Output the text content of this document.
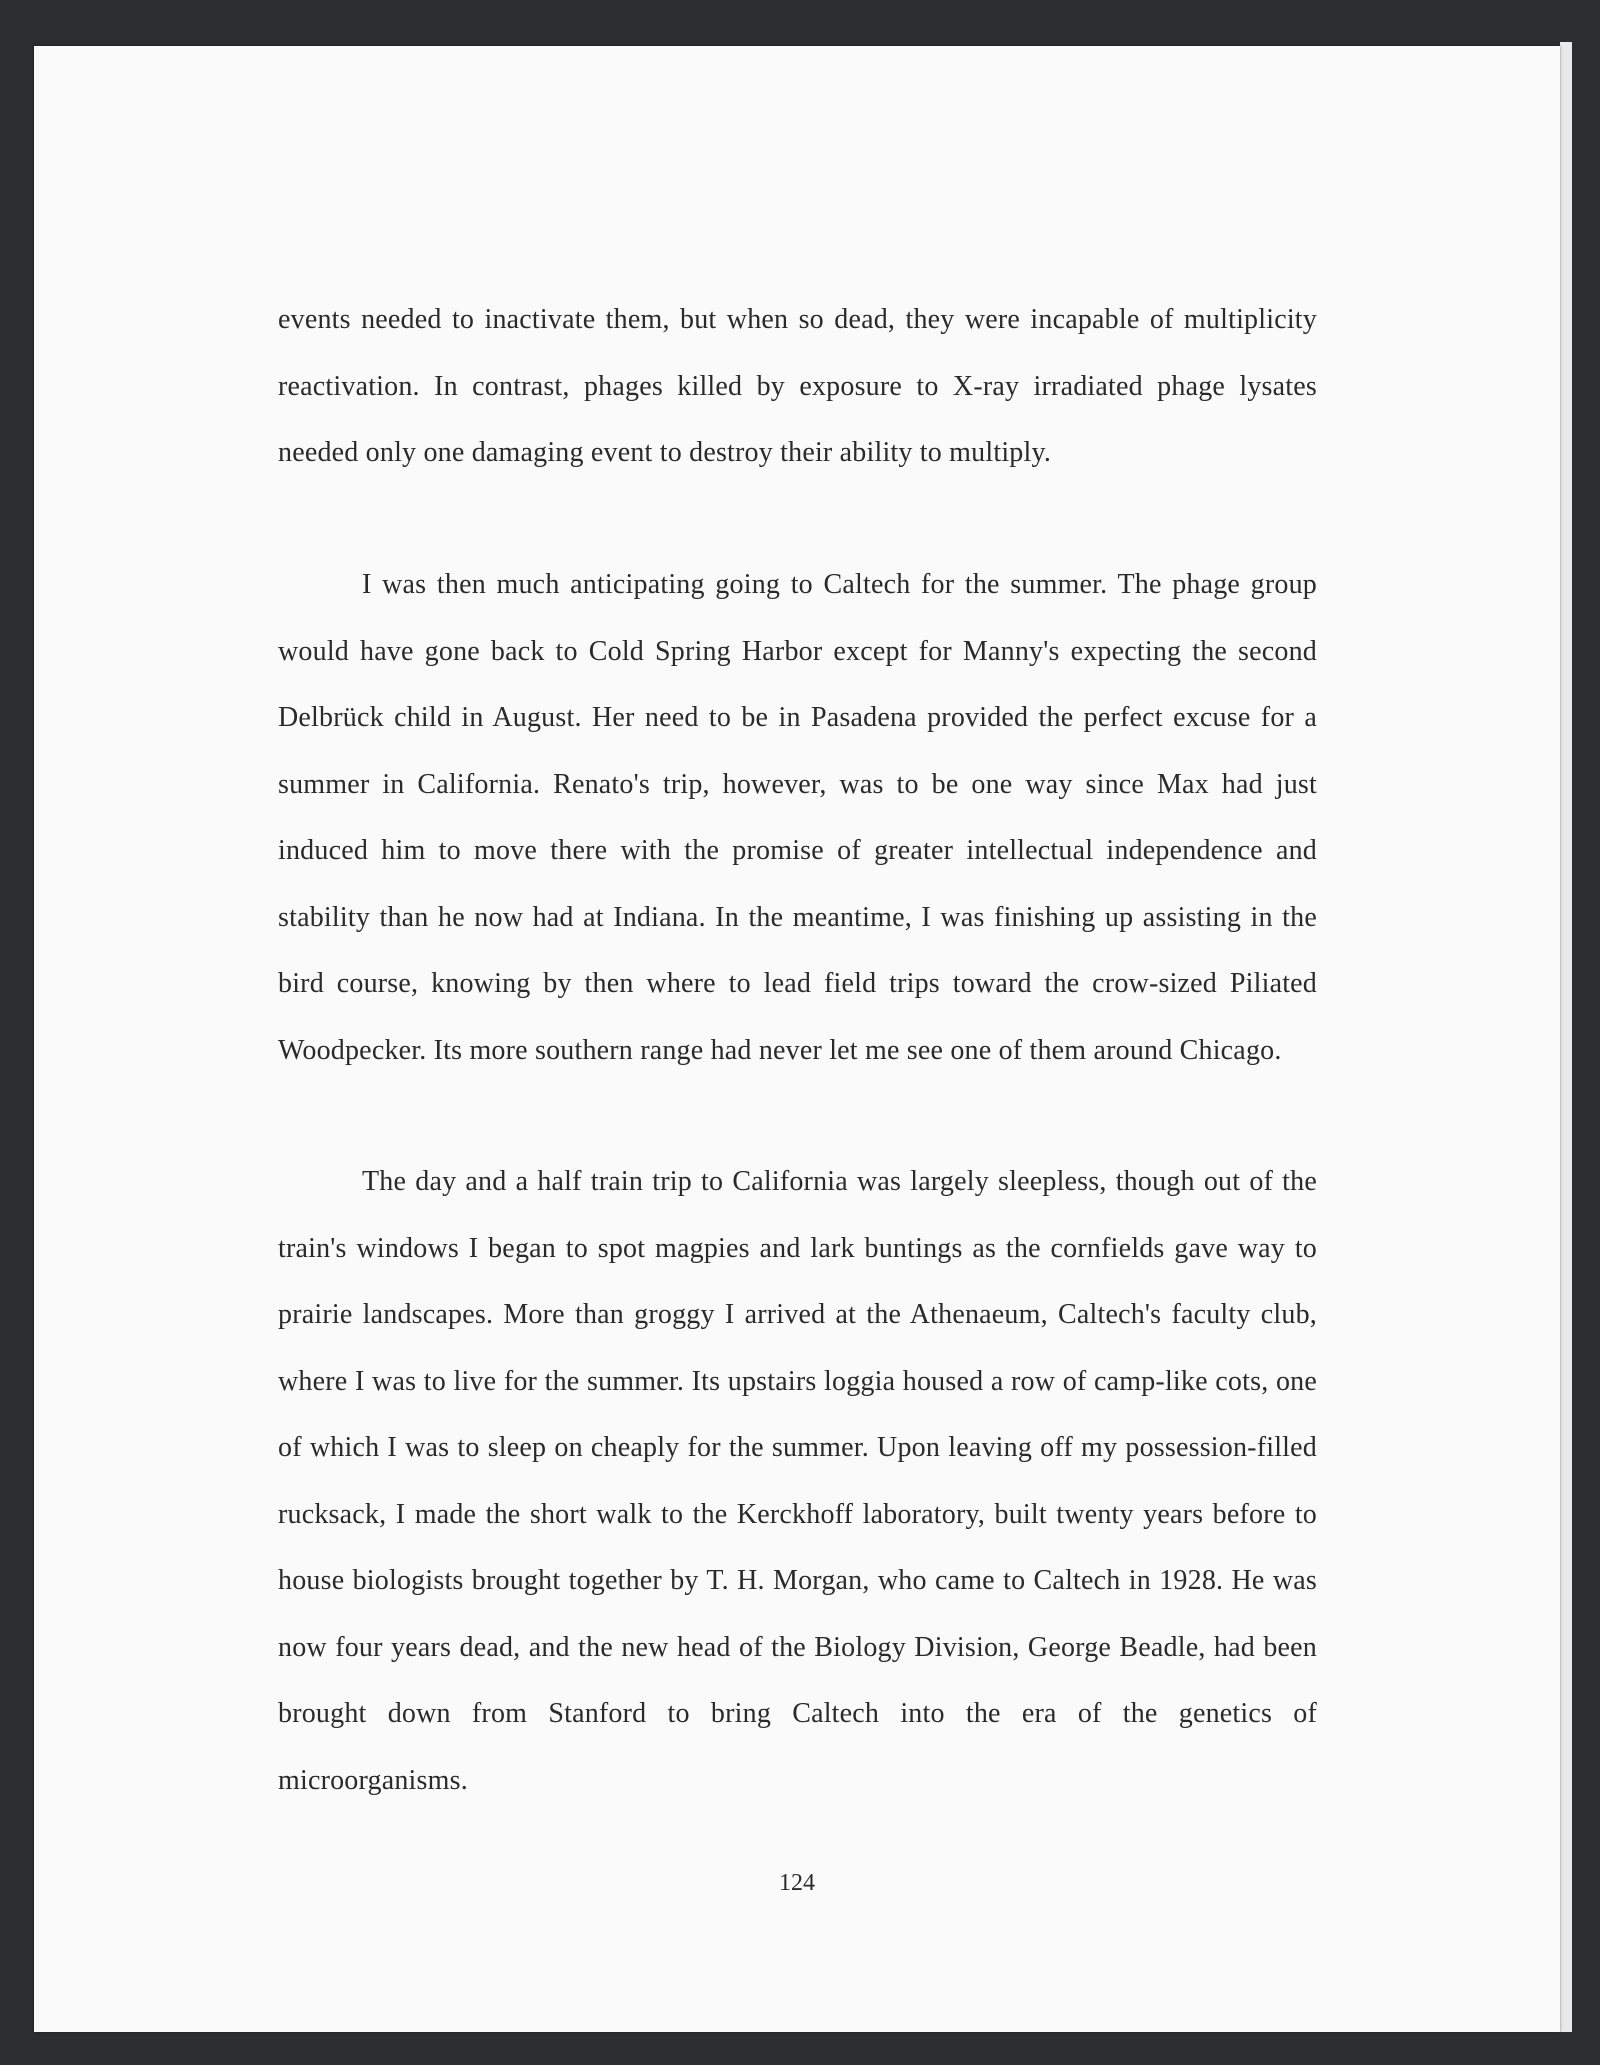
events needed to inactivate them, but when so dead, they were incapable of multiplicity reactivation. In contrast, phages killed by exposure to X-ray irradiated phage lysates needed only one damaging event to destroy their ability to multiply.

I was then much anticipating going to Caltech for the summer. The phage group would have gone back to Cold Spring Harbor except for Manny's expecting the second Delbrück child in August. Her need to be in Pasadena provided the perfect excuse for a summer in California. Renato's trip, however, was to be one way since Max had just induced him to move there with the promise of greater intellectual independence and stability than he now had at Indiana. In the meantime, I was finishing up assisting in the bird course, knowing by then where to lead field trips toward the crow-sized Piliated Woodpecker. Its more southern range had never let me see one of them around Chicago.

The day and a half train trip to California was largely sleepless, though out of the train's windows I began to spot magpies and lark buntings as the cornfields gave way to prairie landscapes. More than groggy I arrived at the Athenaeum, Caltech's faculty club, where I was to live for the summer. Its upstairs loggia housed a row of camp-like cots, one of which I was to sleep on cheaply for the summer. Upon leaving off my possession-filled rucksack, I made the short walk to the Kerckhoff laboratory, built twenty years before to house biologists brought together by T. H. Morgan, who came to Caltech in 1928. He was now four years dead, and the new head of the Biology Division, George Beadle, had been brought down from Stanford to bring Caltech into the era of the genetics of microorganisms.

124
